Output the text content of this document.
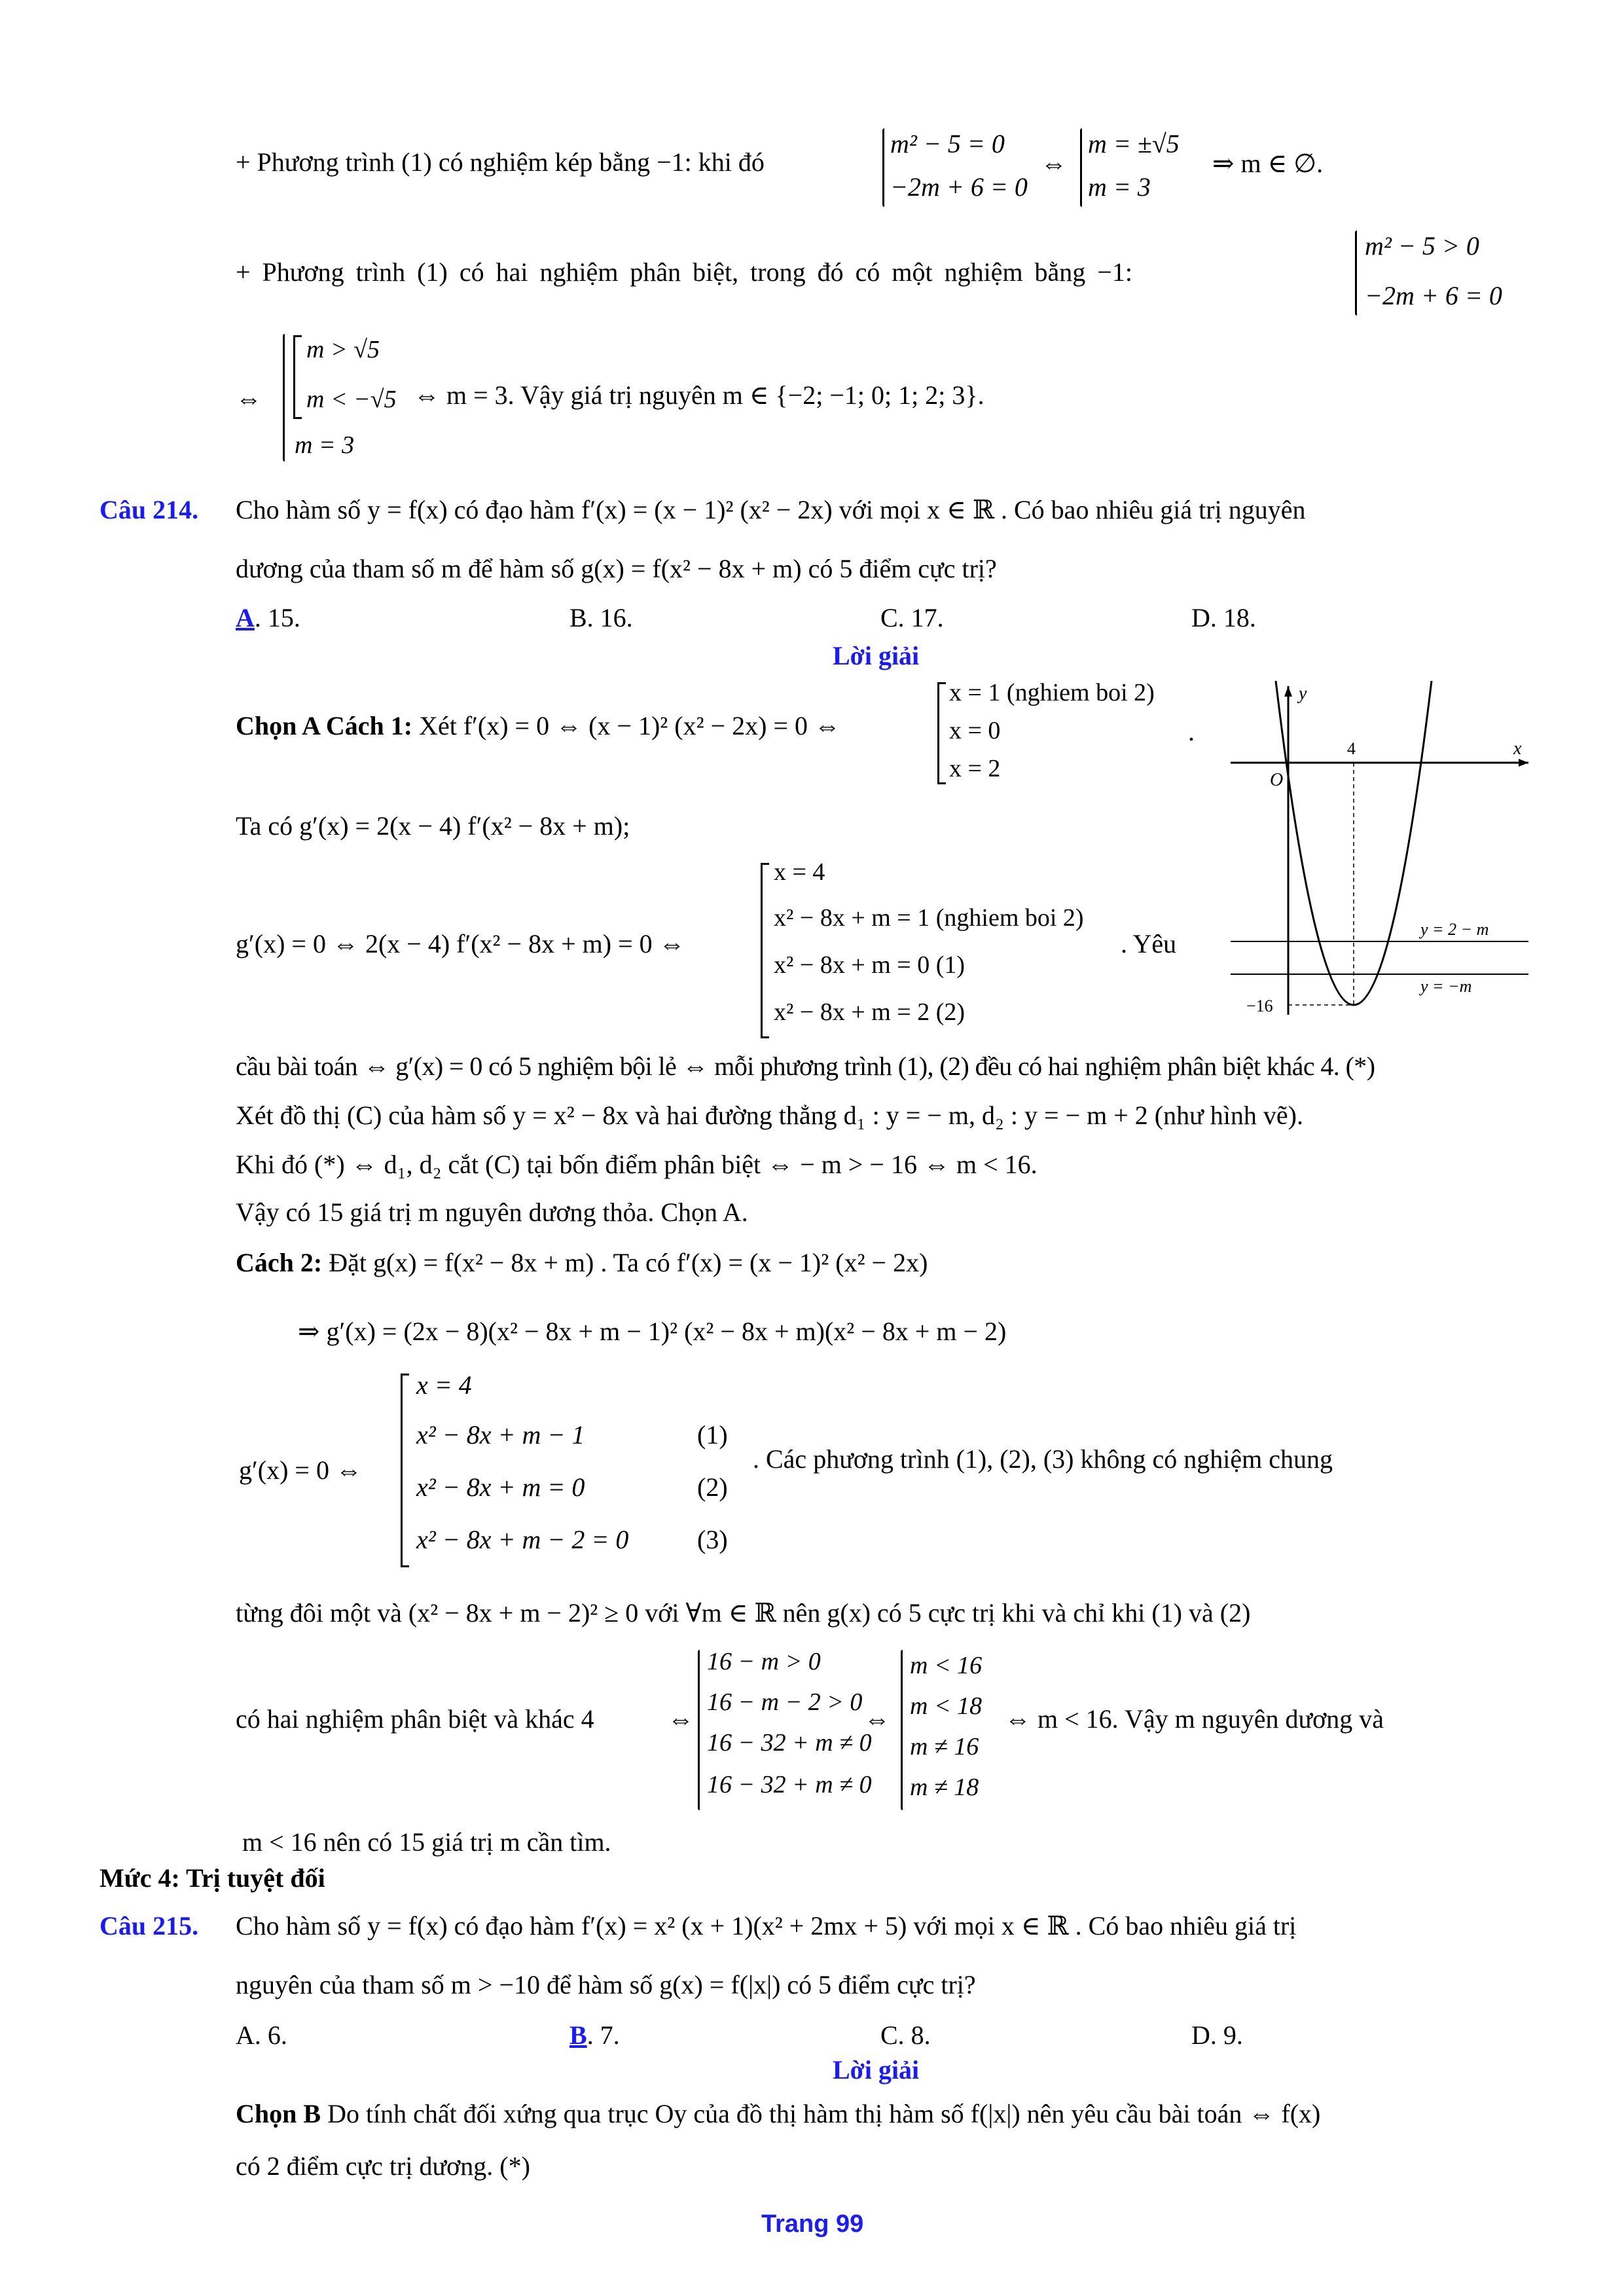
+ Phương trình (1) có nghiệm kép bằng −1: khi đó
m² − 5 = 0
−2m + 6 = 0
⇔
m = ±√5
m = 3
⇒ m ∈ ∅.
+ Phương trình (1) có hai nghiệm phân biệt, trong đó có một nghiệm bằng −1:
m² − 5 > 0
−2m + 6 = 0
⇔
m > √5
m < −√5
m = 3
⇔ m = 3. Vậy giá trị nguyên m ∈ {−2; −1; 0; 1; 2; 3}.
Câu 214. Cho hàm số y = f(x) có đạo hàm f′(x) = (x − 1)² (x² − 2x) với mọi x ∈ ℝ . Có bao nhiêu giá trị nguyên
dương của tham số m để hàm số g(x) = f(x² − 8x + m) có 5 điểm cực trị?
A. 15.	B. 16.	C. 17.	D. 18.
Lời giải
Chọn A Cách 1: Xét f′(x) = 0 ⇔ (x − 1)² (x² − 2x) = 0 ⇔
x = 1 (nghiem boi 2)
x = 0
x = 2
.
Ta có g′(x) = 2(x − 4) f′(x² − 8x + m);
g′(x) = 0 ⇔ 2(x − 4) f′(x² − 8x + m) = 0 ⇔
x = 4
x² − 8x + m = 1 (nghiem boi 2)
x² − 8x + m = 0 (1)
x² − 8x + m = 2 (2)
. Yêu
y
x
O
4
−16
y = 2 − m
y = −m
cầu bài toán ⇔ g′(x) = 0 có 5 nghiệm bội lẻ ⇔ mỗi phương trình (1), (2) đều có hai nghiệm phân biệt khác 4. (*)
Xét đồ thị (C) của hàm số y = x² − 8x và hai đường thẳng d₁ : y = − m, d₂ : y = − m + 2 (như hình vẽ).
Khi đó (*) ⇔ d₁, d₂ cắt (C) tại bốn điểm phân biệt ⇔ − m > − 16 ⇔ m < 16.
Vậy có 15 giá trị m nguyên dương thỏa. Chọn A.
Cách 2: Đặt g(x) = f(x² − 8x + m) . Ta có f′(x) = (x − 1)² (x² − 2x)
⇒ g′(x) = (2x − 8)(x² − 8x + m − 1)² (x² − 8x + m)(x² − 8x + m − 2)
g′(x) = 0 ⇔
x = 4
x² − 8x + m − 1
x² − 8x + m = 0
x² − 8x + m − 2 = 0
(1)
(2)
(3)
. Các phương trình (1), (2), (3) không có nghiệm chung
từng đôi một và (x² − 8x + m − 2)² ≥ 0 với ∀m ∈ ℝ nên g(x) có 5 cực trị khi và chỉ khi (1) và (2)
có hai nghiệm phân biệt và khác 4	⇔
16 − m > 0
16 − m − 2 > 0
16 − 32 + m ≠ 0
16 − 32 + m ≠ 0
⇔
m < 16
m < 18
m ≠ 16
m ≠ 18
⇔ m < 16. Vậy m nguyên dương và
m < 16 nên có 15 giá trị m cần tìm.
Mức 4: Trị tuyệt đối
Câu 215. Cho hàm số y = f(x) có đạo hàm f′(x) = x² (x + 1)(x² + 2mx + 5) với mọi x ∈ ℝ . Có bao nhiêu giá trị
nguyên của tham số m > −10 để hàm số g(x) = f(|x|) có 5 điểm cực trị?
A. 6.	B. 7.	C. 8.	D. 9.
Lời giải
Chọn B Do tính chất đối xứng qua trục Oy của đồ thị hàm thị hàm số f(|x|) nên yêu cầu bài toán ⇔ f(x)
có 2 điểm cực trị dương. (*)
Trang 99
